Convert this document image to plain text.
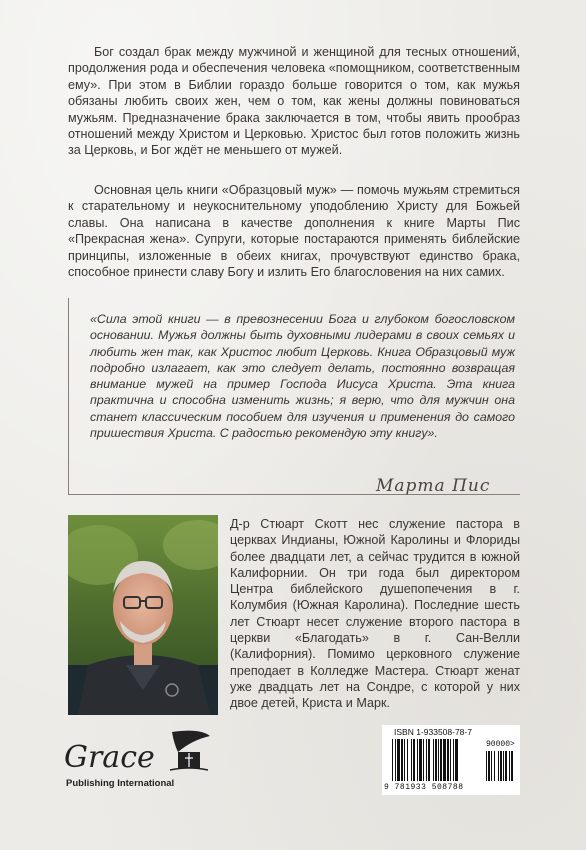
Бог создал брак между мужчиной и женщиной для тесных отношений, продолжения рода и обеспечения человека «помощником, соответственным ему». При этом в Библии гораздо больше говорится о том, как мужья обязаны любить своих жен, чем о том, как жены должны повиноваться мужьям. Предназначение брака заключается в том, чтобы явить прообраз отношений между Христом и Церковью. Христос был готов положить жизнь за Церковь, и Бог ждёт не меньшего от мужей.

Основная цель книги «Образцовый муж» — помочь мужьям стремиться к старательному и неукоснительному уподоблению Христу для Божьей славы. Она написана в качестве дополнения к книге Марты Пис «Прекрасная жена». Супруги, которые постараются применять библейские принципы, изложенные в обеих книгах, прочувствуют единство брака, способное принести славу Богу и излить Его благословения на них самих.

«Сила этой книги — в превознесении Бога и глубоком богословском основании. Мужья должны быть духовными лидерами в своих семьях и любить жен так, как Христос любит Церковь. Книга Образцовый муж подробно излагает, как это следует делать, постоянно возвращая внимание мужей на пример Господа Иисуса Христа. Эта книга практична и способна изменить жизнь; я верю, что для мужчин она станет классическим пособием для изучения и применения до самого пришествия Христа. С радостью рекомендую эту книгу».

Марта Пис

Д-р Стюарт Скотт нес служение пастора в церквах Индианы, Южной Каролины и Флориды более двадцати лет, а сейчас трудится в южной Калифорнии. Он три года был директором Центра библейского душепопечения в г. Колумбия (Южная Каролина). Последние шесть лет Стюарт несет служение второго пастора в церкви «Благодать» в г. Сан-Велли (Калифорния). Помимо церковного служение преподает в Колледже Мастера. Стюарт женат уже двадцать лет на Сондре, с которой у них двое детей, Криста и Марк.

Grace
Publishing International
ISBN 1-933508-78-7
90000>
9 781933 508788
